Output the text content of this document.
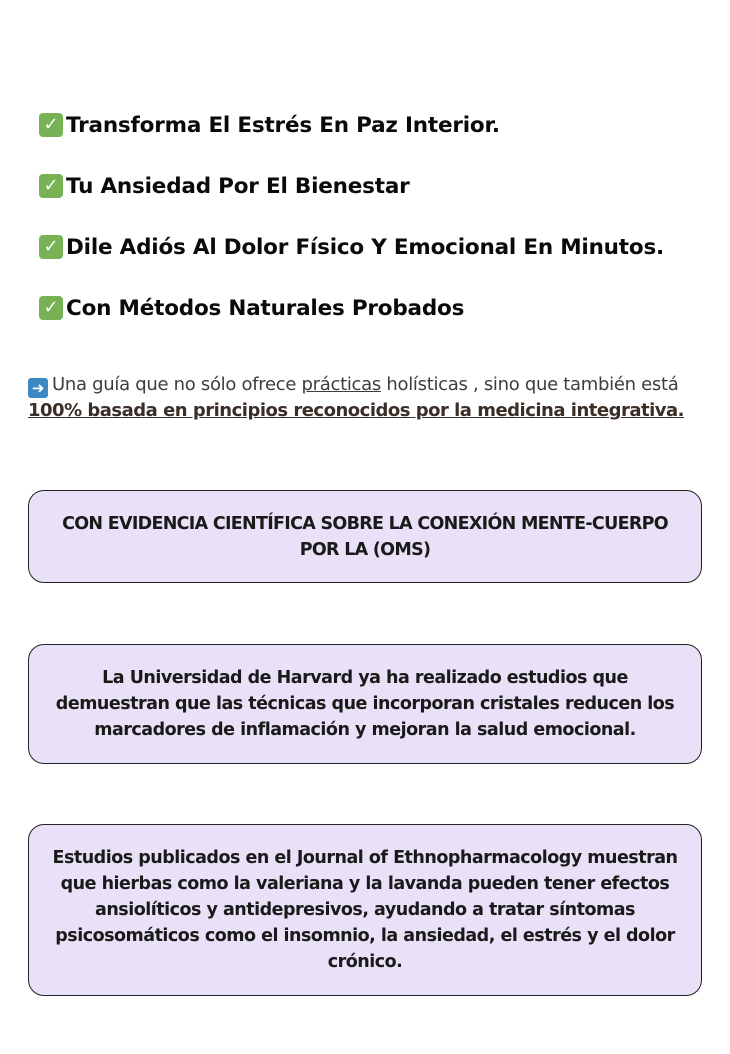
✓ Transforma El Estrés En Paz Interior.
✓ Tu Ansiedad Por El Bienestar
✓ Dile Adiós Al Dolor Físico Y Emocional En Minutos.
✓ Con Métodos Naturales Probados

➜ Una guía que no sólo ofrece prácticas holísticas , sino que también está 100% basada en principios reconocidos por la medicina integrativa.

CON EVIDENCIA CIENTÍFICA SOBRE LA CONEXIÓN MENTE-CUERPO POR LA (OMS)
La Universidad de Harvard ya ha realizado estudios que demuestran que las técnicas que incorporan cristales reducen los marcadores de inflamación y mejoran la salud emocional.
Estudios publicados en el Journal of Ethnopharmacology muestran que hierbas como la valeriana y la lavanda pueden tener efectos ansiolíticos y antidepresivos, ayudando a tratar síntomas psicosomáticos como el insomnio, la ansiedad, el estrés y el dolor crónico.
